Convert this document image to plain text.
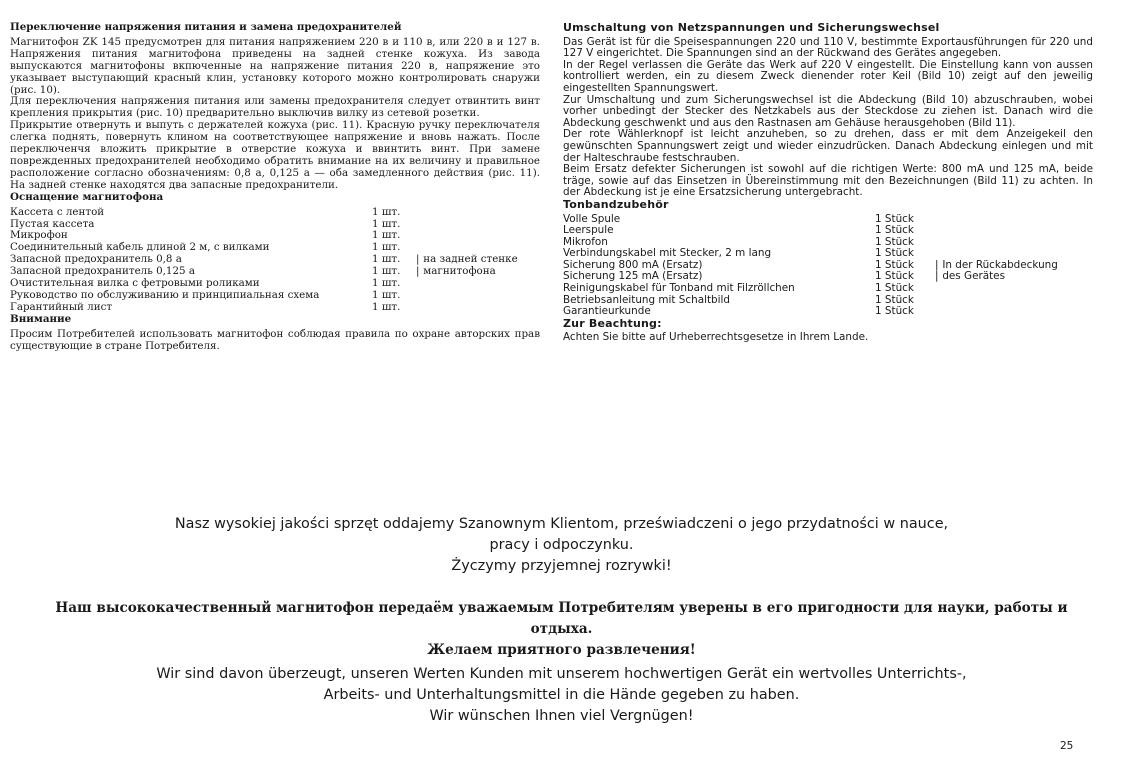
Переключение напряжения питания и замена предохранителей

Магнитофон ZK 145 предусмотрен для питания напряжением 220 в и 110 в, или 220 в и 127 в. Напряжения питания магнитофона приведены на задней стенке кожуха. Из завода выпускаются магнитофоны вкпюченные на напряжение питания 220 в, напряжение это указывает выступающий красный клин, установку которого можно контролировать снаружи (рис. 10).

Для переключения напряжения питания или замены предохранителя следует отвинтить винт крепления прикрытия (рис. 10) предварительно выключив вилку из сетевой розетки.

Прикрытие отвернуть и выпуть с держателей кожуха (рис. 11). Красную ручку переключателя слегка поднять, повернуть клином на соответствующее напряжение и вновь нажать. После переключенчя вложить прикрытие в отверстие кожуха и ввинтить винт. При замене поврежденных предохранителей необходимо обратить внимание на их величину и правильное расположение согласно обозначениям: 0,8 а, 0,125 а — оба замедленного действия (рис. 11). На задней стенке находятся два запасные предохранители.

Оснащение магнитофона
Кассета с лентой	1 шт.	
Пустая кассета	1 шт.	
Микрофон	1 шт.	
Соединительный кабель длиной 2 м, с вилками	1 шт.	
Запасной предохранитель 0,8 а	1 шт.	| на задней стенке
Запасной предохранитель 0,125 а	1 шт.	| магнитофона
Очистительная вилка с фетровыми роликами	1 шт.	
Руководство по обслуживанию и принципиальная схема	1 шт.	
Гарантийный лист	1 шт.	
Внимание

Просим Потребителей использовать магнитофон соблюдая правила по охране авторских прав существующие в стране Потребителя.

Umschaltung von Netzspannungen und Sicherungswechsel

Das Gerät ist für die Speisespannungen 220 und 110 V, bestimmte Exportausführungen für 220 und 127 V eingerichtet. Die Spannungen sind an der Rückwand des Gerätes angegeben.

In der Regel verlassen die Geräte das Werk auf 220 V eingestellt. Die Einstellung kann von aussen kontrolliert werden, ein zu diesem Zweck dienender roter Keil (Bild 10) zeigt auf den jeweilig eingestellten Spannungswert.

Zur Umschaltung und zum Sicherungswechsel ist die Abdeckung (Bild 10) abzuschrauben, wobei vorher unbedingt der Stecker des Netzkabels aus der Steckdose zu ziehen ist. Danach wird die Abdeckung geschwenkt und aus den Rastnasen am Gehäuse herausgehoben (Bild 11).

Der rote Wählerknopf ist leicht anzuheben, so zu drehen, dass er mit dem Anzeigekeil den gewünschten Spannungswert zeigt und wieder einzudrücken. Danach Abdeckung einlegen und mit der Halteschraube festschrauben.

Beim Ersatz defekter Sicherungen ist sowohl auf die richtigen Werte: 800 mA und 125 mA, beide träge, sowie auf das Einsetzen in Übereinstimmung mit den Bezeichnungen (Bild 11) zu achten. In der Abdeckung ist je eine Ersatzsicherung untergebracht.

Tonbandzubehör
Volle Spule	1 Stück	
Leerspule	1 Stück	
Mikrofon	1 Stück	
Verbindungskabel mit Stecker, 2 m lang	1 Stück	
Sicherung 800 mA (Ersatz)	1 Stück	| In der Rückabdeckung
Sicherung 125 mA (Ersatz)	1 Stück	| des Gerätes
Reinigungskabel für Tonband mit Filzröllchen	1 Stück	
Betriebsanleitung mit Schaltbild	1 Stück	
Garantieurkunde	1 Stück	
Zur Beachtung:

Achten Sie bitte auf Urheberrechtsgesetze in Ihrem Lande.

Nasz wysokiej jakości sprzęt oddajemy Szanownym Klientom, przeświadczeni o jego przydatności w nauce,

pracy i odpoczynku.

Życzymy przyjemnej rozrywki!

Наш высококачественный магнитофон передаём уважаемым Потребителям уверены в его пригодности для науки, работы и отдыха.

Желаем приятного развлечения!

Wir sind davon überzeugt, unseren Werten Kunden mit unserem hochwertigen Gerät ein wertvolles Unterrichts-,

Arbeits- und Unterhaltungsmittel in die Hände gegeben zu haben.

Wir wünschen Ihnen viel Vergnügen!

25
